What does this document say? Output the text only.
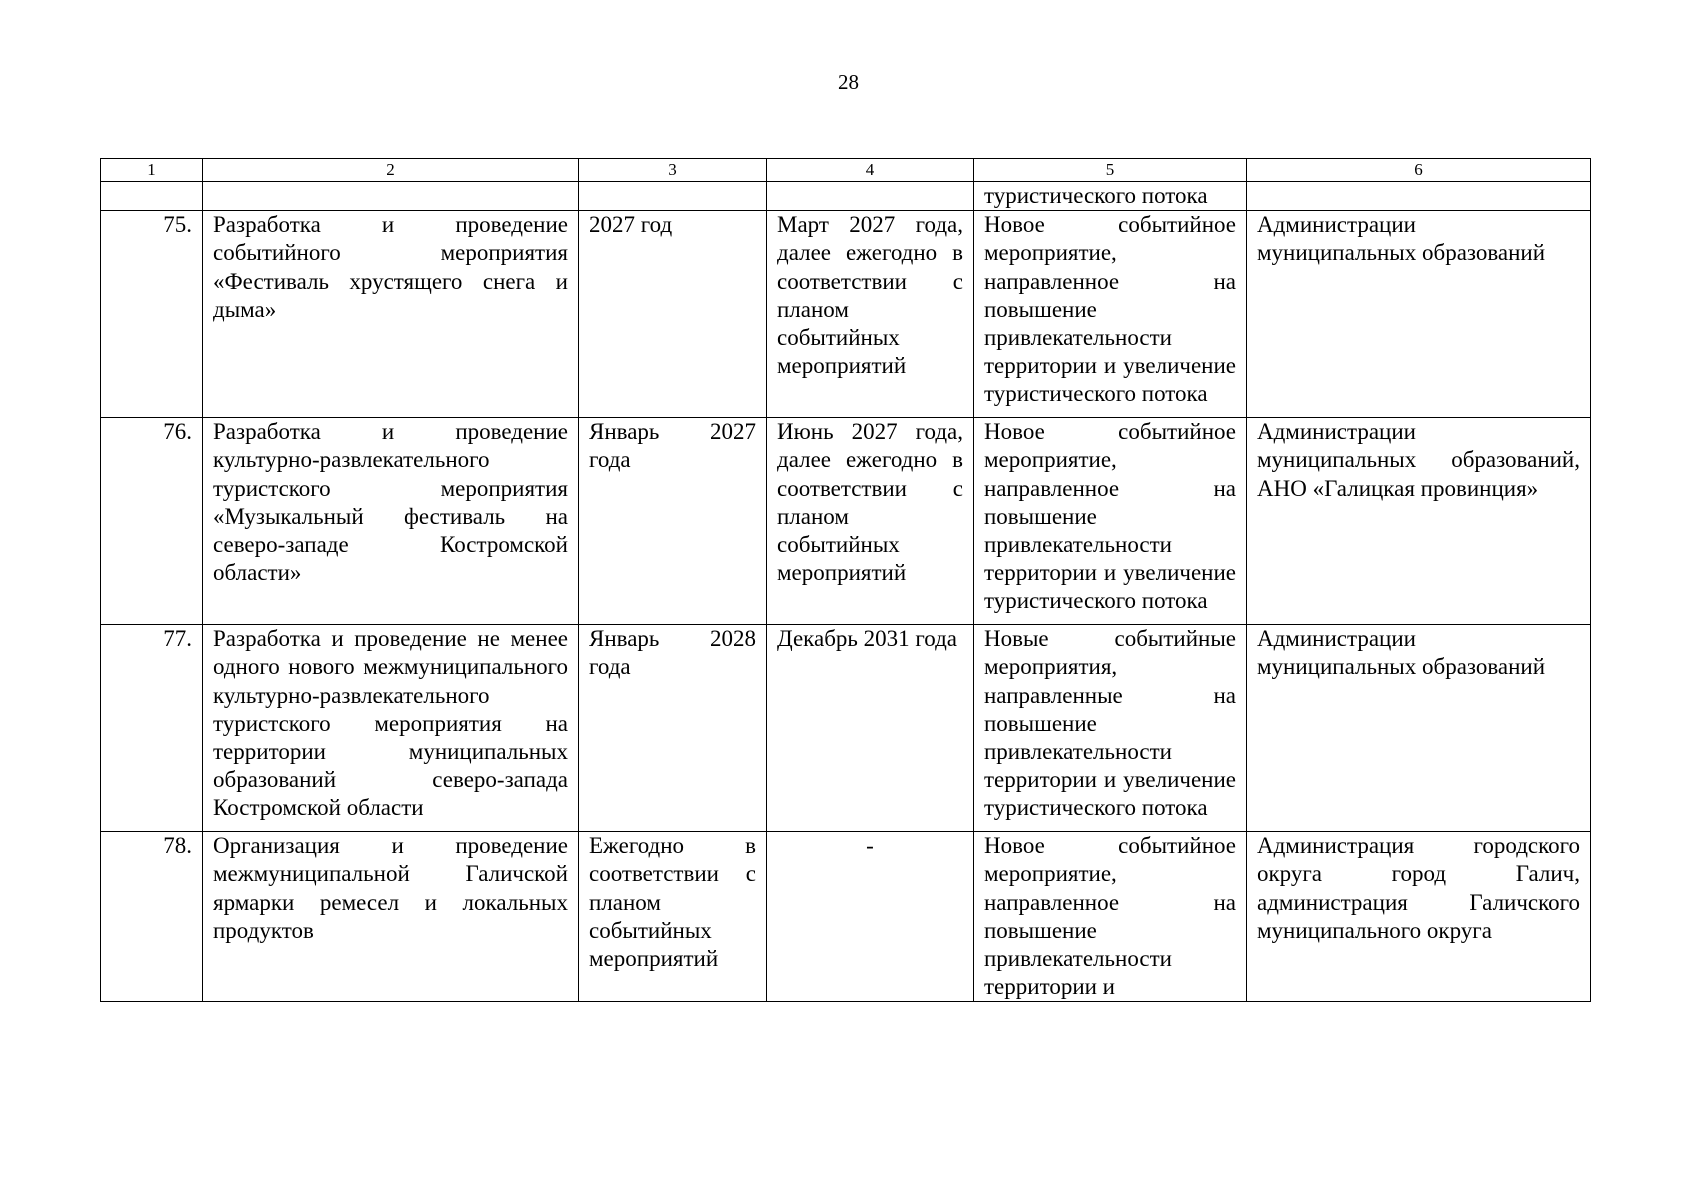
28
1	2	3	4	5	6
				туристического потока	
75.	Разработка и проведение событийного мероприятия «Фестиваль хрустящего снега и дыма»	2027 год	Март 2027 года, далее ежегодно в соответствии с планом событийных мероприятий	Новое событийное мероприятие, направленное на повышение привлекательности территории и увеличение туристического потока	Администрации муниципальных образований
76.	Разработка и проведение культурно-развлекательного туристского мероприятия «Музыкальный фестиваль на северо-западе Костромской области»	Январь 2027 года	Июнь 2027 года, далее ежегодно в соответствии с планом событийных мероприятий	Новое событийное мероприятие, направленное на повышение привлекательности территории и увеличение туристического потока	Администрации муниципальных образований, АНО «Галицкая провинция»
77.	Разработка и проведение не менее одного нового межмуниципального культурно-развлекательного туристского мероприятия на территории муниципальных образований северо-запада Костромской области	Январь 2028 года	Декабрь 2031 года	Новые событийные мероприятия, направленные на повышение привлекательности территории и увеличение туристического потока	Администрации муниципальных образований
78.	Организация и проведение межмуниципальной Галичской ярмарки ремесел и локальных продуктов	Ежегодно в соответствии с планом событийных мероприятий	-	Новое событийное мероприятие, направленное на повышение привлекательности территории и	Администрация городского округа город Галич, администрация Галичского муниципального округа
